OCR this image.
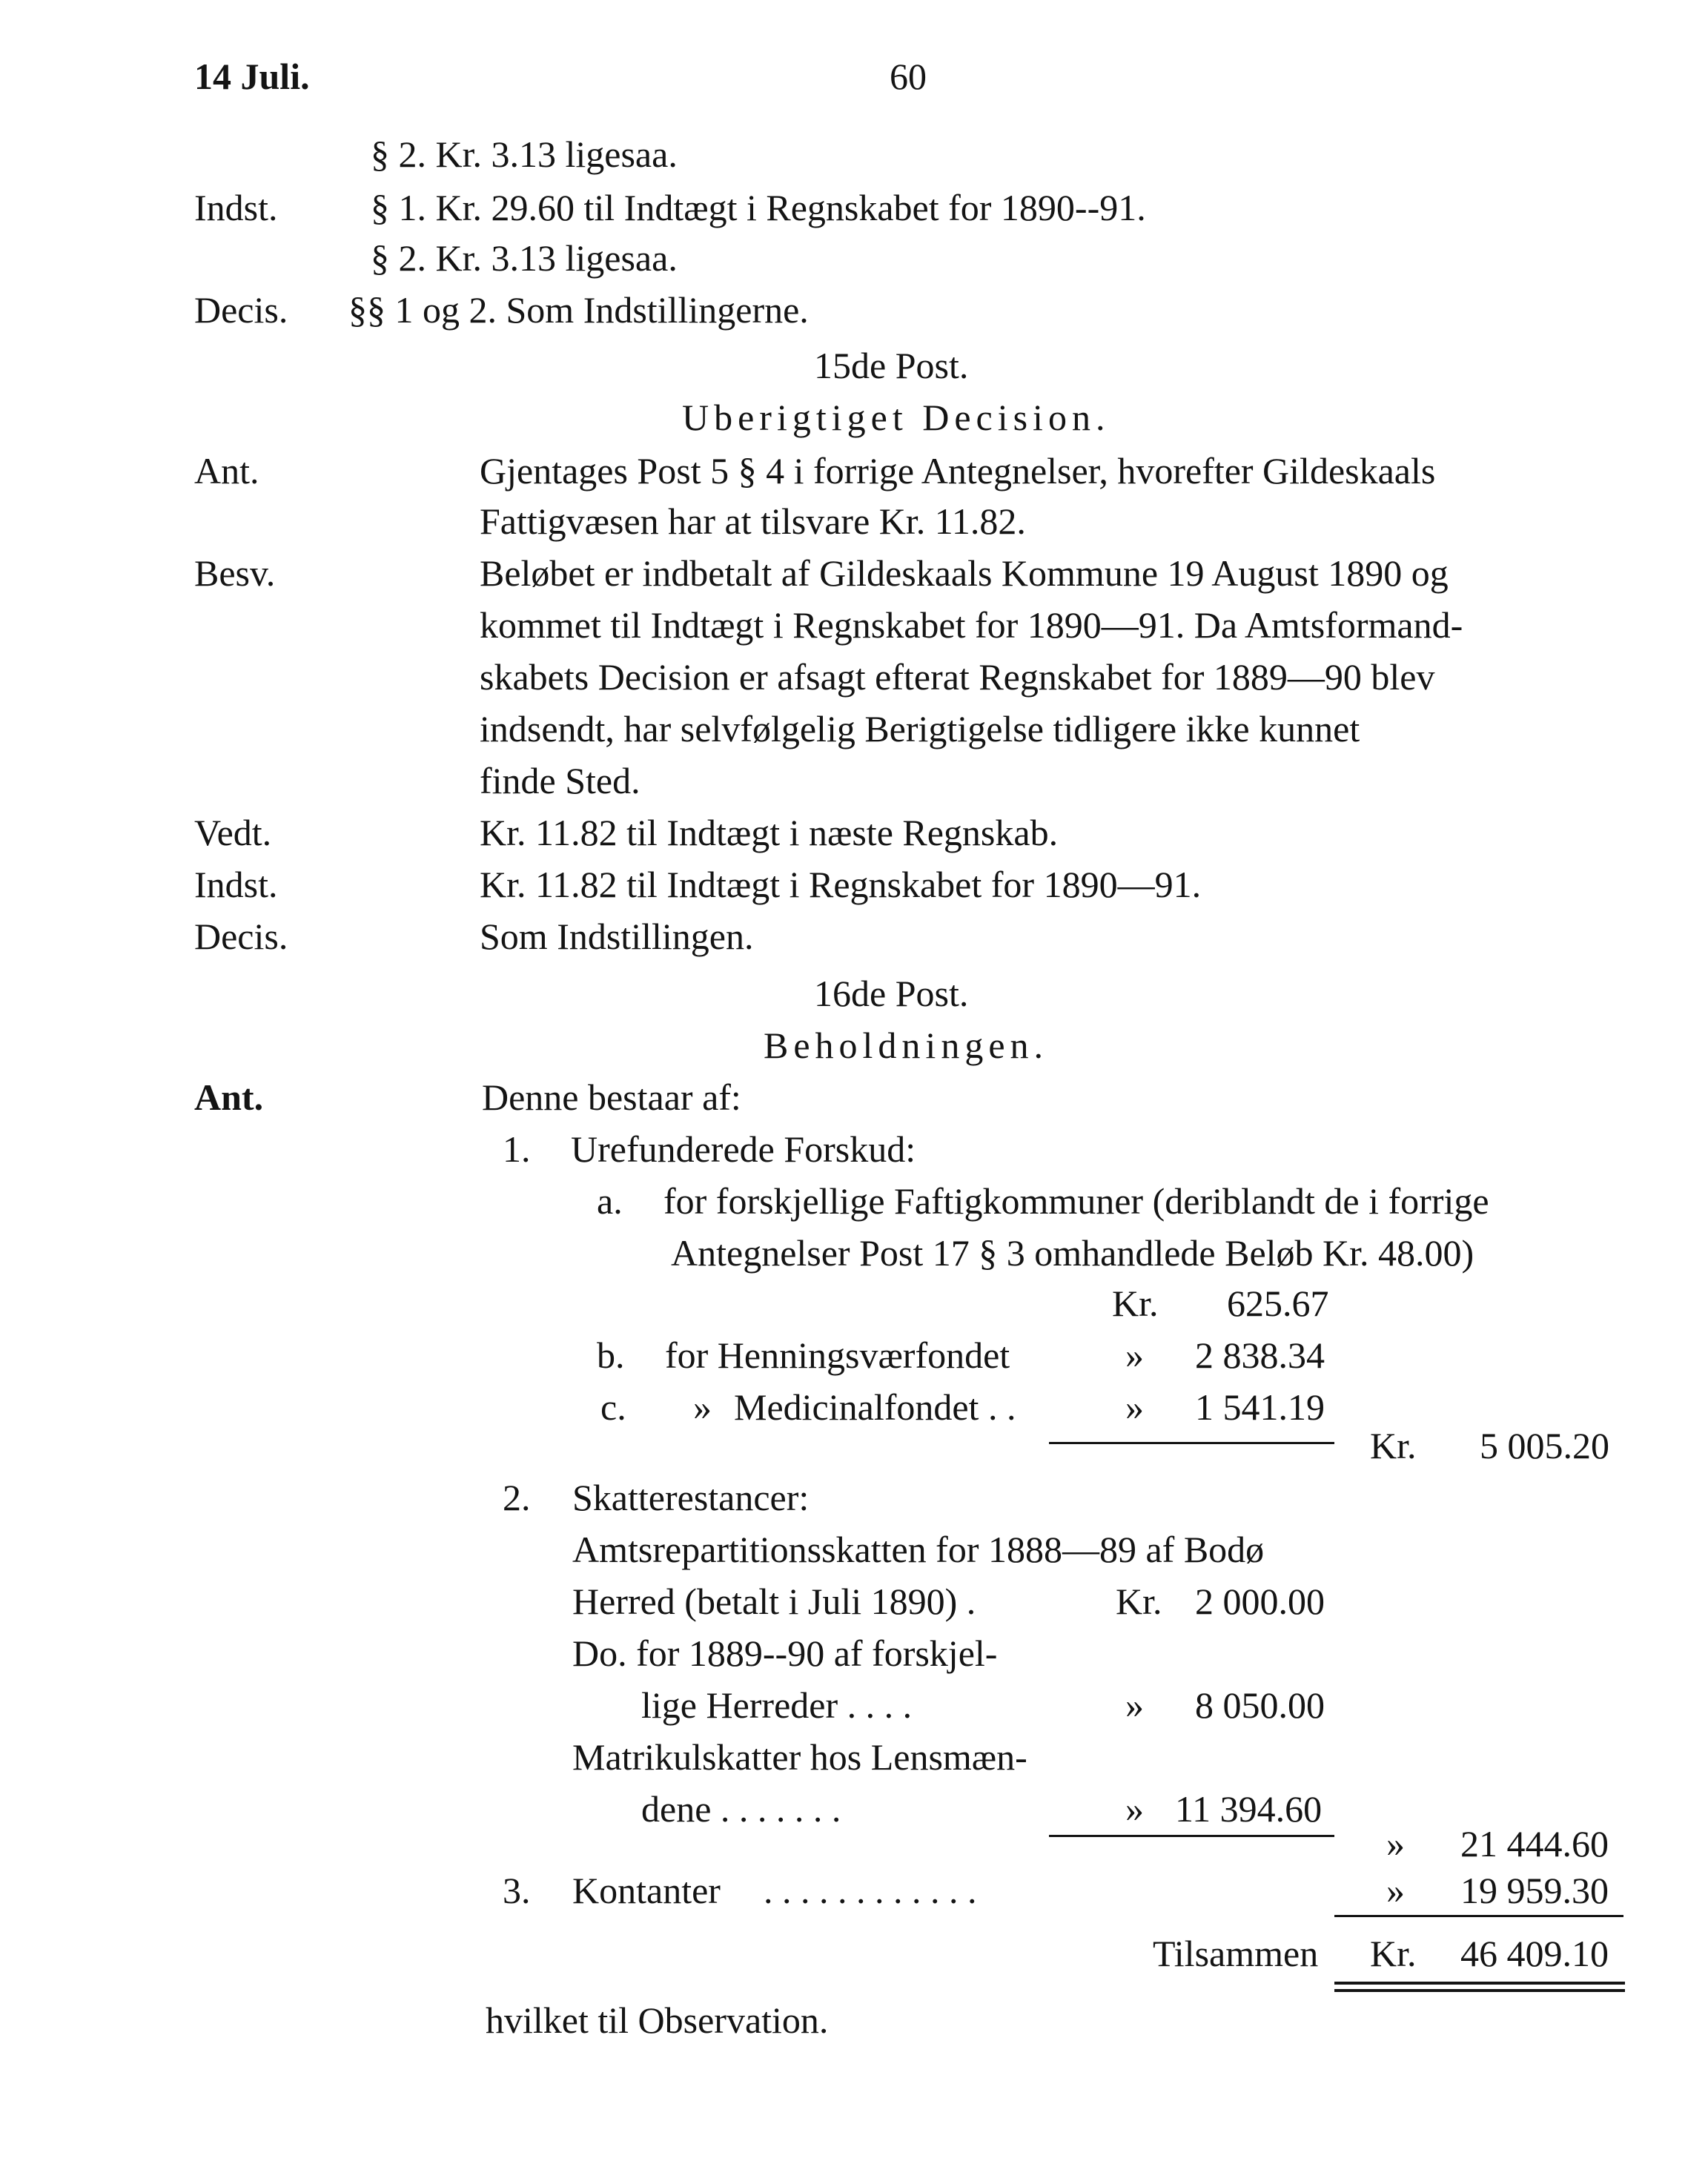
14 Juli.	60
§ 2. Kr. 3.13 ligesaa.
Indst.	§ 1. Kr. 29.60 til Indtægt i Regnskabet for 1890--91.
§ 2. Kr. 3.13 ligesaa.
Decis. §§ 1 og 2. Som Indstillingerne.
15de Post.
Uberigtiget Decision.
Ant.	Gjentages Post 5 § 4 i forrige Antegnelser, hvorefter Gildeskaals
Fattigvæsen har at tilsvare Kr. 11.82.
Besv.	Beløbet er indbetalt af Gildeskaals Kommune 19 August 1890 og
kommet til Indtægt i Regnskabet for 1890—91. Da Amtsformand-
skabets Decision er afsagt efterat Regnskabet for 1889—90 blev
indsendt, har selvfølgelig Berigtigelse tidligere ikke kunnet
finde Sted.
Vedt.	Kr. 11.82 til Indtægt i næste Regnskab.
Indst.	Kr. 11.82 til Indtægt i Regnskabet for 1890—91.
Decis.	Som Indstillingen.
16de Post.
Beholdningen.
Ant.	Denne bestaar af:
1. Urefunderede Forskud:
a. for forskjellige Faftigkommuner (deriblandt de i forrige
Antegnelser Post 17 § 3 omhandlede Beløb Kr. 48.00)
Kr. 625.67
b. for Henningsværfondet	» 2 838.34
c. » Medicinalfondet . .	» 1 541.19
Kr. 5 005.20
2. Skatterestancer:
Amtsrepartitionsskatten for 1888—89 af Bodø
Herred (betalt i Juli 1890) .	Kr. 2 000.00
Do. for 1889--90 af forskjel-
lige Herreder . . . .	» 8 050.00
Matrikulskatter hos Lensmæn-
dene . . . . . . .	» 11 394.60
» 21 444.60
3. Kontanter . . . . . . . . . . . .	» 19 959.30
Tilsammen Kr. 46 409.10
hvilket til Observation.
